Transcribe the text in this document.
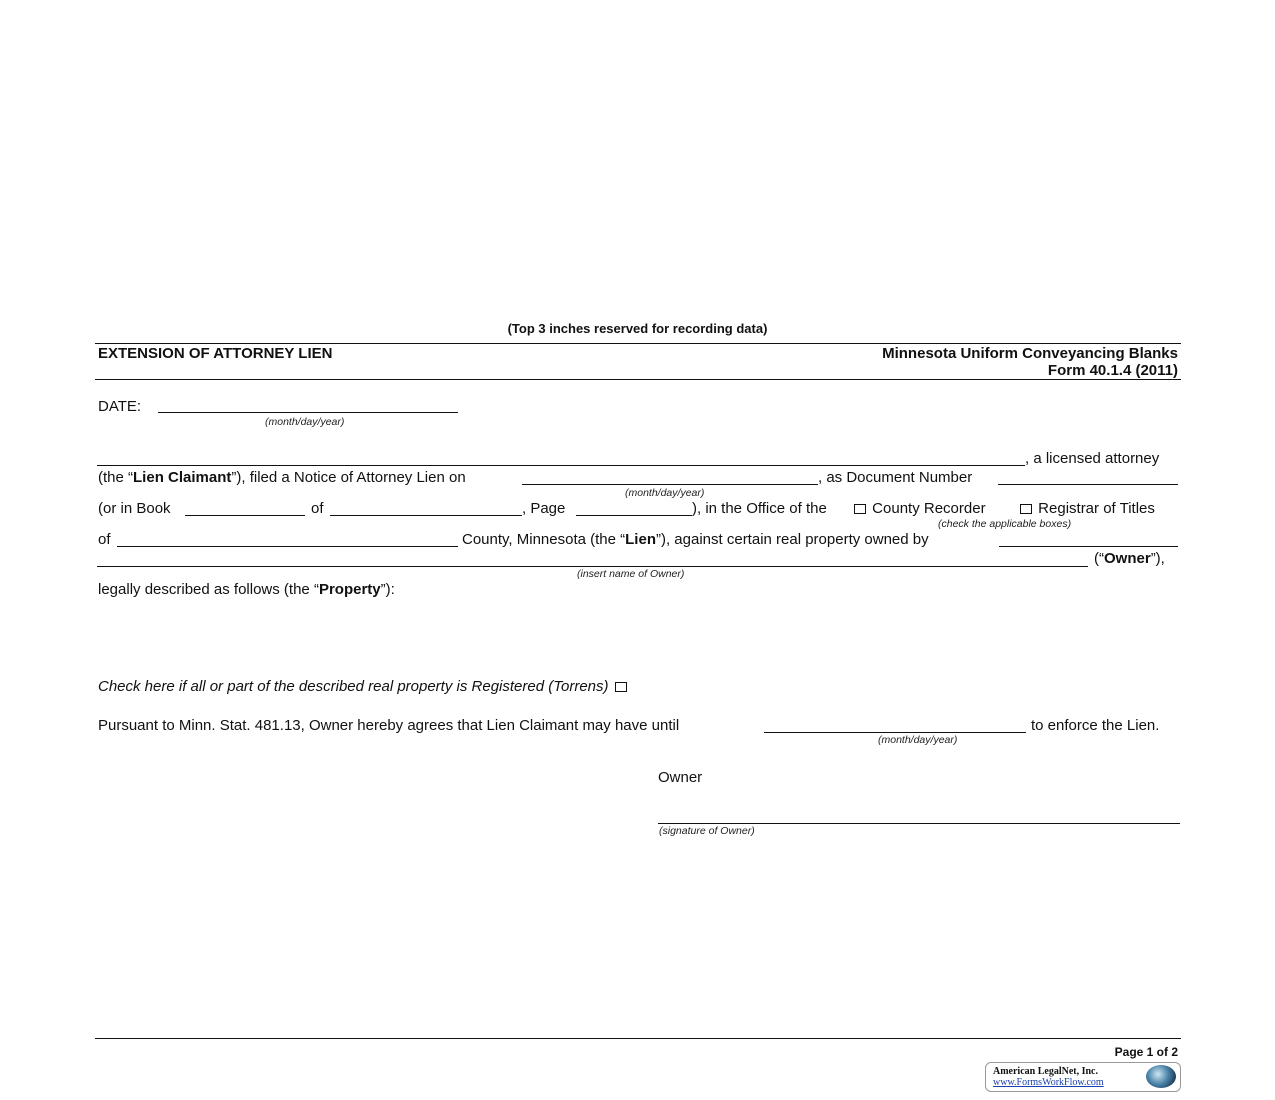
(Top 3 inches reserved for recording data)
EXTENSION OF ATTORNEY LIEN	Minnesota Uniform Conveyancing Blanks
Form 40.1.4 (2011)
DATE:
(month/day/year)
, a licensed attorney
(the “Lien Claimant”), filed a Notice of Attorney Lien on	, as Document Number
(month/day/year)
(or in Book	of	, Page	), in the Office of the	County Recorder	Registrar of Titles
(check the applicable boxes)
of	County, Minnesota (the “Lien”), against certain real property owned by
(“Owner”),
(insert name of Owner)
legally described as follows (the “Property”):
Check here if all or part of the described real property is Registered (Torrens)
Pursuant to Minn. Stat. 481.13, Owner hereby agrees that Lien Claimant may have until	to enforce the Lien.
(month/day/year)
Owner
(signature of Owner)
Page 1 of 2
American LegalNet, Inc.
www.FormsWorkFlow.com
